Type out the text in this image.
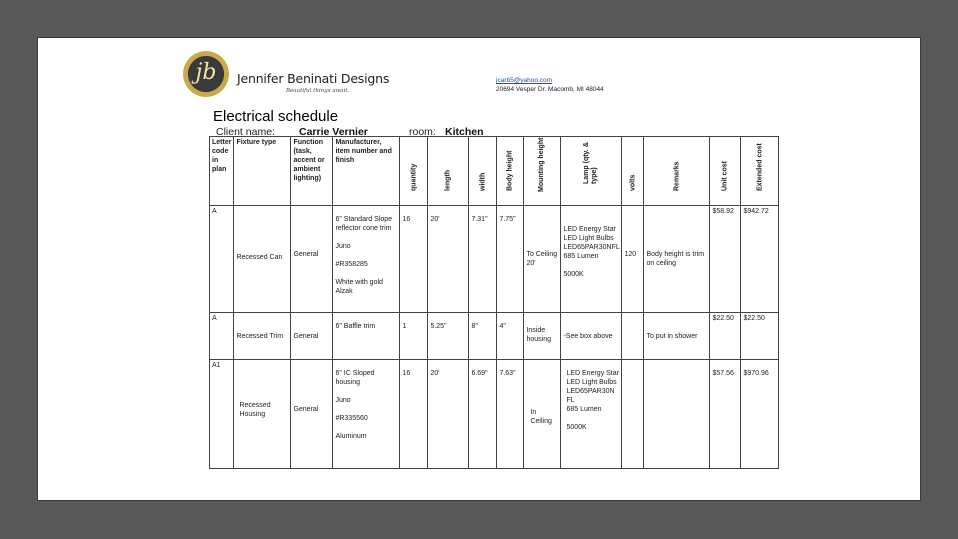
jb	Jennifer Beninati Designs
Beautiful things await.
jcarb5@yahoo.com
20694 Vesper Dr. Macomb, MI 48044
Electrical schedule
Client name: Carrie Vernier	room: Kitchen
Letter code in plan	Fixture type	Function (task, accent or ambient lighting)	Manufacturer, item number and finish	quantity	length	width	Body height	Mounting height	Lamp (qty. & type)	volts	Remarks	Unit cost	Extended cost

A	Recessed Can	General	6" Standard Slope reflector cone trim

Juno

#R358285

White with gold Alzak	16	20'	7.31"	7.75"	To Ceiling 20'	LED Energy Star LED Light Bulbs LED65PAR30NFL 685 Lumen

5000K	120	Body height is trim on ceiling	$58.92	$942.72
A	Recessed Trim	General	6" Baffle trim	1	5.25"	8"	4"	Inside housing	-See box above		To put in shower	$22.50	$22.50
A1	Recessed Housing	General	6" IC Sloped housing

Juno

#R335560

Aluminum	16	20'	6.69"	7.63"	In Ceiling	LED Energy Star LED Light Bulbs LED65PAR30N FL
685 Lumen

5000K			$57.56	$970.96
